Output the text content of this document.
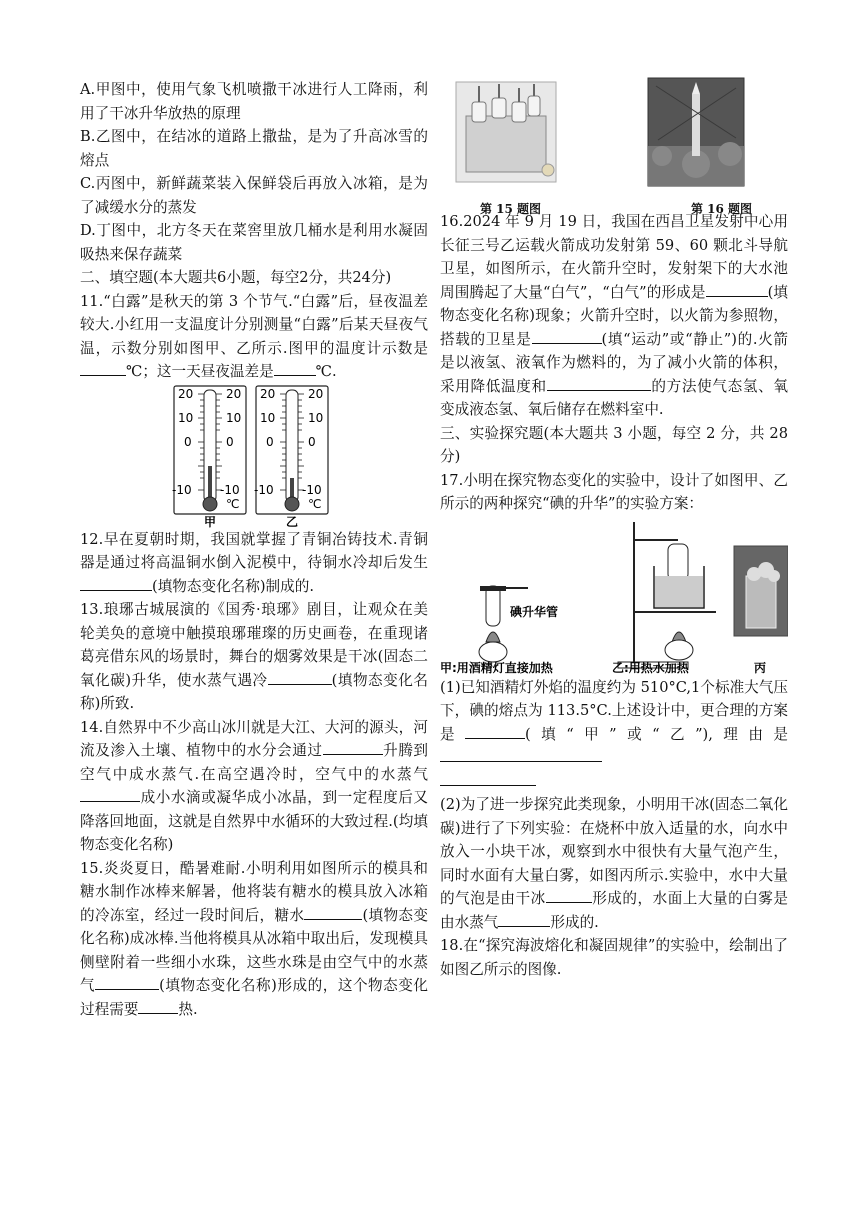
A.甲图中，使用气象飞机喷撒干冰进行人工降雨，利用了干冰升华放热的原理

B.乙图中，在结冰的道路上撒盐，是为了升高冰雪的熔点

C.丙图中，新鲜蔬菜装入保鲜袋后再放入冰箱，是为了减缓水分的蒸发

D.丁图中，北方冬天在菜窖里放几桶水是利用水凝固吸热来保存蔬菜

二、填空题(本大题共6小题，每空2分，共24分)

11.“白露”是秋天的第 3 个节气.“白露”后，昼夜温差较大.小红用一支温度计分别测量“白露”后某天昼夜气温，示数分别如图甲、乙所示.图甲的温度计示数是℃；这一天昼夜温差是	℃.

20
10
0
-10
20
10
0
-10
℃
20
10
0
-10
20
10
0
-10
℃
甲	乙

12.早在夏朝时期，我国就掌握了青铜冶铸技术.青铜器是通过将高温铜水倒入泥模中，待铜水冷却后发生(填物态变化名称)制成的.

13.琅琊古城展演的《国秀·琅琊》剧目，让观众在美轮美奂的意境中触摸琅琊璀璨的历史画卷，在重现诸葛亮借东风的场景时，舞台的烟雾效果是干冰(固态二氧化碳)升华，使水蒸气遇冷	(填物态变化名称)所致.

14.自然界中不少高山冰川就是大江、大河的源头，河流及渗入土壤、植物中的水分会通过	升腾到空气中成水蒸气.在高空遇冷时，空气中的水蒸气成小水滴或凝华成小冰晶，到一定程度后又降落回地面，这就是自然界中水循环的大致过程.(均填物态变化名称)

15.炎炎夏日，酷暑难耐.小明利用如图所示的模具和糖水制作冰棒来解暑，他将装有糖水的模具放入冰箱的冷冻室，经过一段时间后，糖水	(填物态变化名称)成冰棒.当他将模具从冰箱中取出后，发现模具侧壁附着一些细小水珠，这些水珠是由空气中的水蒸气	(填物态变化名称)形成的，这个物态变化过程需要	热.

第 15 题图	第 16 题图

16.2024 年 9 月 19 日，我国在西昌卫星发射中心用长征三号乙运载火箭成功发射第 59、60 颗北斗导航卫星，如图所示，在火箭升空时，发射架下的大水池周围腾起了大量“白气”，“白气”的形成是	(填物态变化名称)现象；火箭升空时，以火箭为参照物，搭载的卫星是	(填“运动”或“静止”)的.火箭是以液氢、液氧作为燃料的，为了减小火箭的体积，采用降低温度和	的方法使气态氢、氧变成液态氢、氧后储存在燃料室中.

三、实验探究题(本大题共 3 小题，每空 2 分，共 28 分)

17.小明在探究物态变化的实验中，设计了如图甲、乙所示的两种探究“碘的升华”的实验方案：

碘升华管
甲:用酒精灯直接加热	乙:用热水加热	丙

(1)已知酒精灯外焰的温度约为 510°C,1个标准大气压下，碘的熔点为 113.5°C.上述设计中，更合理的方案是	(填“甲”或“乙”),理由是

(2)为了进一步探究此类现象，小明用干冰(固态二氧化碳)进行了下列实验：在烧杯中放入适量的水，向水中放入一小块干冰，观察到水中很快有大量气泡产生，同时水面有大量白雾，如图丙所示.实验中，水中大量的气泡是由干冰	形成的，水面上大量的白雾是由水蒸气	形成的.

18.在“探究海波熔化和凝固规律”的实验中，绘制出了如图乙所示的图像.
